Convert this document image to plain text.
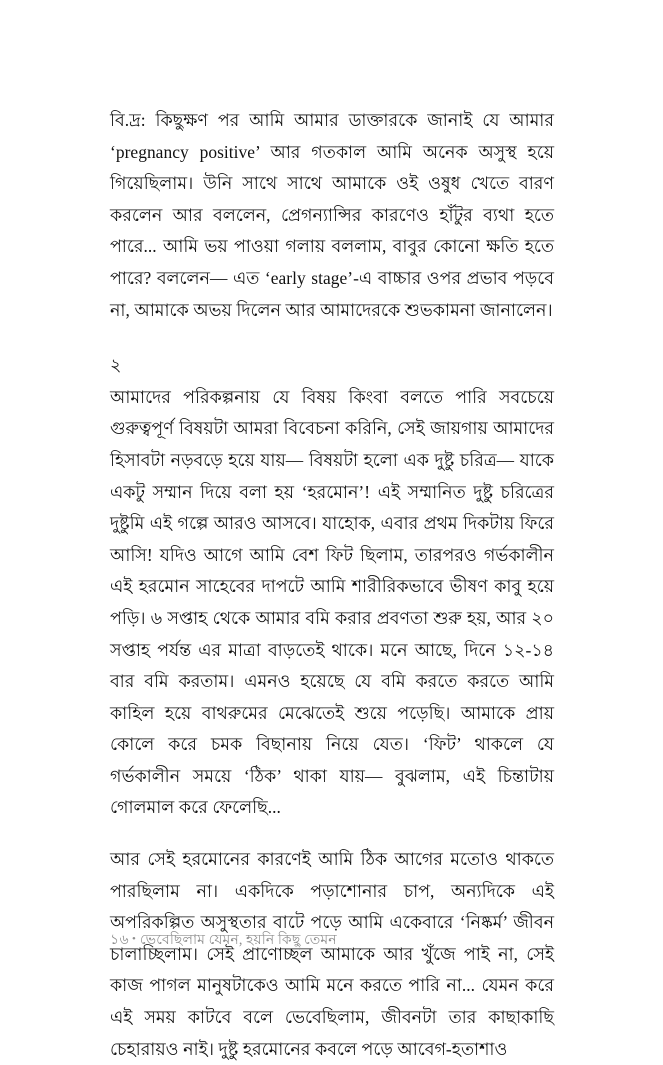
বি.দ্র: কিছুক্ষণ পর আমি আমার ডাক্তারকে জানাই যে আমার ‘pregnancy positive’ আর গতকাল আমি অনেক অসুস্থ হয়ে গিয়েছিলাম। উনি সাথে সাথে আমাকে ওই ওষুধ খেতে বারণ করলেন আর বললেন, প্রেগন্যান্সির কারণেও হাঁটুর ব্যথা হতে পারে... আমি ভয় পাওয়া গলায় বললাম, বাবুর কোনো ক্ষতি হতে পারে? বললেন— এত ‘early stage’-এ বাচ্চার ওপর প্রভাব পড়বে না, আমাকে অভয় দিলেন আর আমাদেরকে শুভকামনা জানালেন।

২

আমাদের পরিকল্পনায় যে বিষয় কিংবা বলতে পারি সবচেয়ে গুরুত্বপূর্ণ বিষয়টা আমরা বিবেচনা করিনি, সেই জায়গায় আমাদের হিসাবটা নড়বড়ে হয়ে যায়— বিষয়টা হলো এক দুষ্টু চরিত্র— যাকে একটু সম্মান দিয়ে বলা হয় ‘হরমোন’! এই সম্মানিত দুষ্টু চরিত্রের দুষ্টুমি এই গল্পে আরও আসবে। যাহোক, এবার প্রথম দিকটায় ফিরে আসি! যদিও আগে আমি বেশ ফিট ছিলাম, তারপরও গর্ভকালীন এই হরমোন সাহেবের দাপটে আমি শারীরিকভাবে ভীষণ কাবু হয়ে পড়ি। ৬ সপ্তাহ থেকে আমার বমি করার প্রবণতা শুরু হয়, আর ২০ সপ্তাহ পর্যন্ত এর মাত্রা বাড়তেই থাকে। মনে আছে, দিনে ১২-১৪ বার বমি করতাম। এমনও হয়েছে যে বমি করতে করতে আমি কাহিল হয়ে বাথরুমের মেঝেতেই শুয়ে পড়েছি। আমাকে প্রায় কোলে করে চমক বিছানায় নিয়ে যেত। ‘ফিট’ থাকলে যে গর্ভকালীন সময়ে ‘ঠিক’ থাকা যায়— বুঝলাম, এই চিন্তাটায় গোলমাল করে ফেলেছি...

আর সেই হরমোনের কারণেই আমি ঠিক আগের মতোও থাকতে পারছিলাম না। একদিকে পড়াশোনার চাপ, অন্যদিকে এই অপরিকল্পিত অসুস্থতার বাটে পড়ে আমি একেবারে ‘নিষ্কর্ম’ জীবন চালাচ্ছিলাম। সেই প্রাণোচ্ছল আমাকে আর খুঁজে পাই না, সেই কাজ পাগল মানুষটাকেও আমি মনে করতে পারি না... যেমন করে এই সময় কাটবে বলে ভেবেছিলাম, জীবনটা তার কাছাকাছি চেহারায়ও নাই। দুষ্টু হরমোনের কবলে পড়ে আবেগ-হতাশাও

১৬ • ভেবেছিলাম যেমন, হয়নি কিছু তেমন
